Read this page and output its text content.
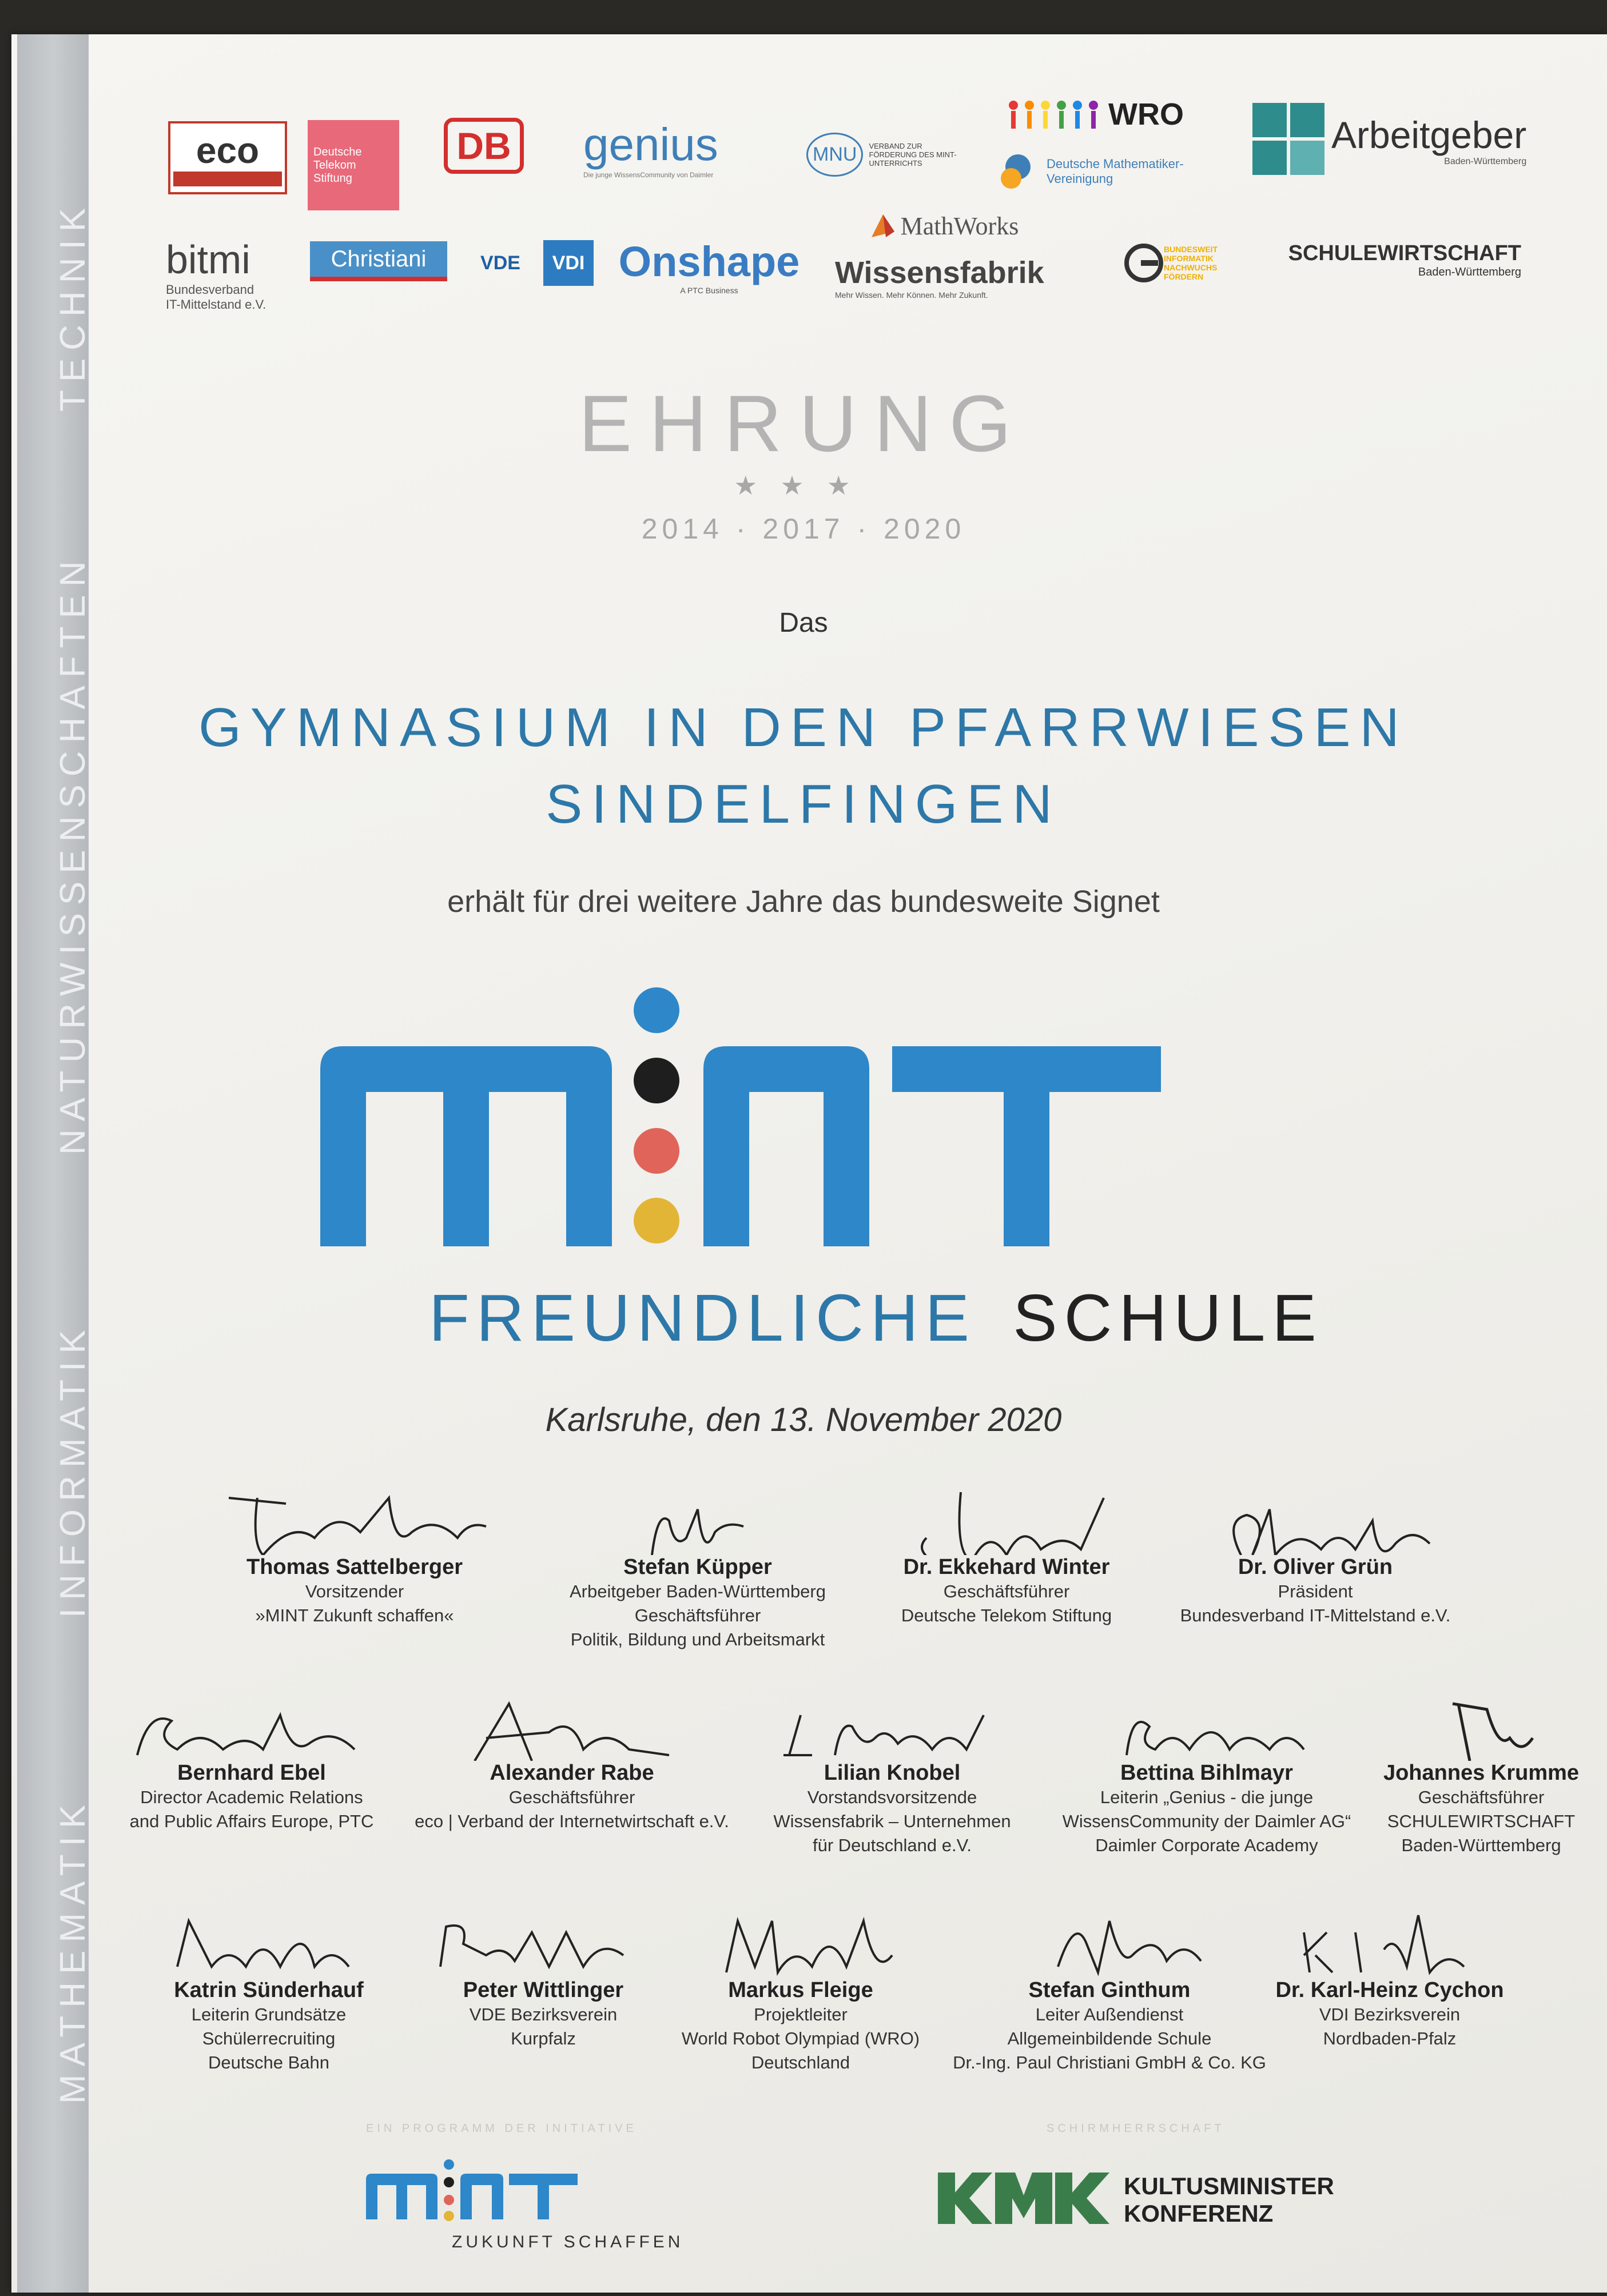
TECHNIK
NATURWISSENSCHAFTEN
INFORMATIK
MATHEMATIK
eco	Deutsche Telekom Stiftung
DB genius
Die junge WissensCommunity von Daimler
MNU	VERBAND ZUR FÖRDERUNG DES MINT-UNTERRICHTS
WRO
Deutsche Mathematiker-Vereinigung
Arbeitgeber
Baden-Württemberg
bitmi
Bundesverband
IT-Mittelstand e.V.
Christiani	VDE VDI Onshape
A PTC Business
MathWorks
Wissensfabrik
Mehr Wissen. Mehr Können. Mehr Zukunft.
BUNDESWEIT INFORMATIK NACHWUCHS FÖRDERN
SCHULEWIRTSCHAFT
Baden-Württemberg
EHRUNG
★★★
2014 · 2017 · 2020
Das
GYMNASIUM IN DEN PFARRWIESEN
SINDELFINGEN
erhält für drei weitere Jahre das bundesweite Signet
FREUNDLICHE SCHULE
Karlsruhe, den 13. November 2020
Thomas Sattelberger
Vorsitzender
»MINT Zukunft schaffen«
Stefan Küpper
Arbeitgeber Baden-Württemberg
Geschäftsführer
Politik, Bildung und Arbeitsmarkt
Dr. Ekkehard Winter
Geschäftsführer
Deutsche Telekom Stiftung
Dr. Oliver Grün
Präsident
Bundesverband IT-Mittelstand e.V.
Bernhard Ebel
Director Academic Relations
and Public Affairs Europe, PTC
Alexander Rabe
Geschäftsführer
eco | Verband der Internetwirtschaft e.V.
Lilian Knobel
Vorstandsvorsitzende
Wissensfabrik – Unternehmen
für Deutschland e.V.
Bettina Bihlmayr
Leiterin „Genius - die junge
WissensCommunity der Daimler AG“
Daimler Corporate Academy
Johannes Krumme
Geschäftsführer
SCHULEWIRTSCHAFT
Baden-Württemberg
Katrin Sünderhauf
Leiterin Grundsätze
Schülerrecruiting
Deutsche Bahn
Peter Wittlinger
VDE Bezirksverein
Kurpfalz
Markus Fleige
Projektleiter
World Robot Olympiad (WRO)
Deutschland
Stefan Ginthum
Leiter Außendienst
Allgemeinbildende Schule
Dr.-Ing. Paul Christiani GmbH & Co. KG
Dr. Karl-Heinz Cychon
VDI Bezirksverein
Nordbaden-Pfalz
EIN PROGRAMM DER INITIATIVE
ZUKUNFT SCHAFFEN
SCHIRMHERRSCHAFT
KULTUSMINISTER
KONFERENZ
